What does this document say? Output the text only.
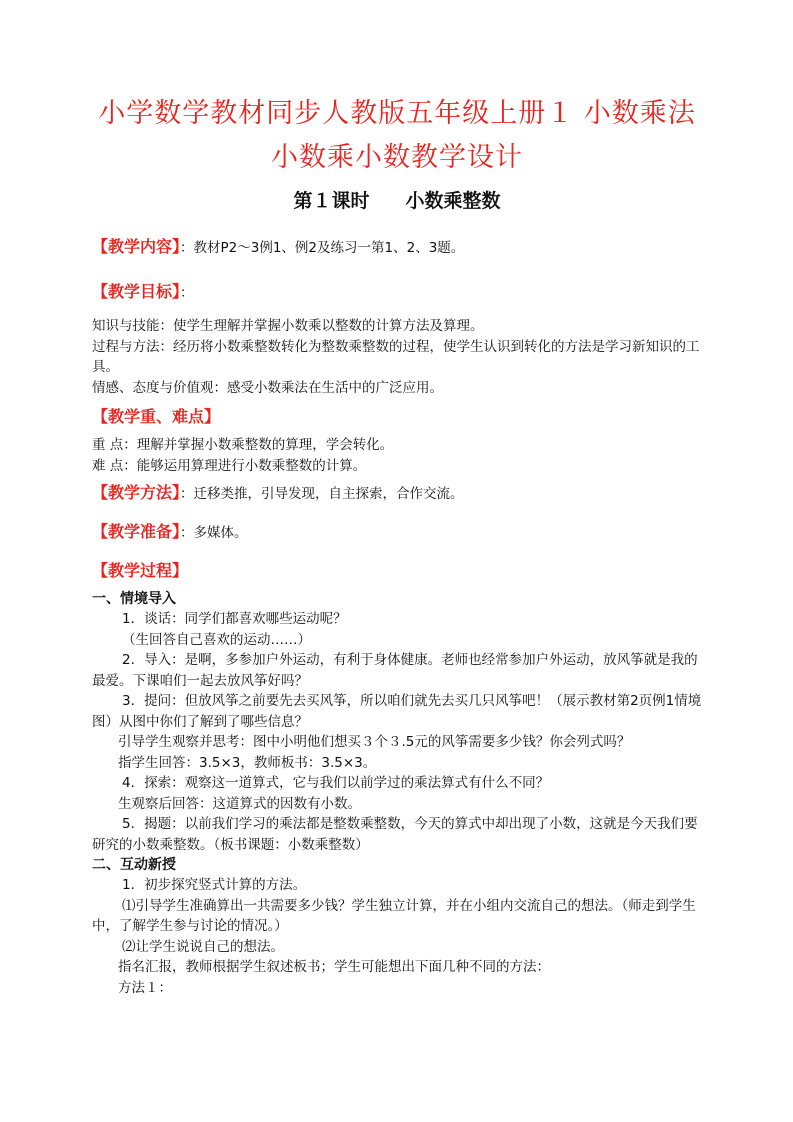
小学数学教材同步人教版五年级上册１ 小数乘法 小数乘小数教学设计
第１课时 小数乘整数
【教学内容】：教材P2～3例1、例2及练习一第1、2、3题。
【教学目标】：

知识与技能：使学生理解并掌握小数乘以整数的计算方法及算理。

过程与方法：经历将小数乘整数转化为整数乘整数的过程，使学生认识到转化的方法是学习新知识的工具。

情感、态度与价值观：感受小数乘法在生活中的广泛应用。

【教学重、难点】

重 点：理解并掌握小数乘整数的算理，学会转化。

难 点：能够运用算理进行小数乘整数的计算。

【教学方法】：迁移类推，引导发现，自主探索，合作交流。
【教学准备】：多媒体。
【教学过程】

一、情境导入

1．谈话：同学们都喜欢哪些运动呢？

（生回答自己喜欢的运动……）

2．导入：是啊，多参加户外运动，有利于身体健康。老师也经常参加户外运动，放风筝就是我的最爱。下课咱们一起去放风筝好吗？

3．提问：但放风筝之前要先去买风筝，所以咱们就先去买几只风筝吧！（展示教材第2页例1情境图）从图中你们了解到了哪些信息？

引导学生观察并思考：图中小明他们想买３个３.5元的风筝需要多少钱？你会列式吗？

指学生回答：3.5×3，教师板书：3.5×3。

4．探索：观察这一道算式，它与我们以前学过的乘法算式有什么不同？

生观察后回答：这道算式的因数有小数。

5．揭题：以前我们学习的乘法都是整数乘整数，今天的算式中却出现了小数，这就是今天我们要研究的小数乘整数。（板书课题：小数乘整数）

二、互动新授

1．初步探究竖式计算的方法。

⑴引导学生准确算出一共需要多少钱？学生独立计算，并在小组内交流自己的想法。（师走到学生中，了解学生参与讨论的情况。）

⑵让学生说说自己的想法。

指名汇报，教师根据学生叙述板书；学生可能想出下面几种不同的方法：

方法１：
